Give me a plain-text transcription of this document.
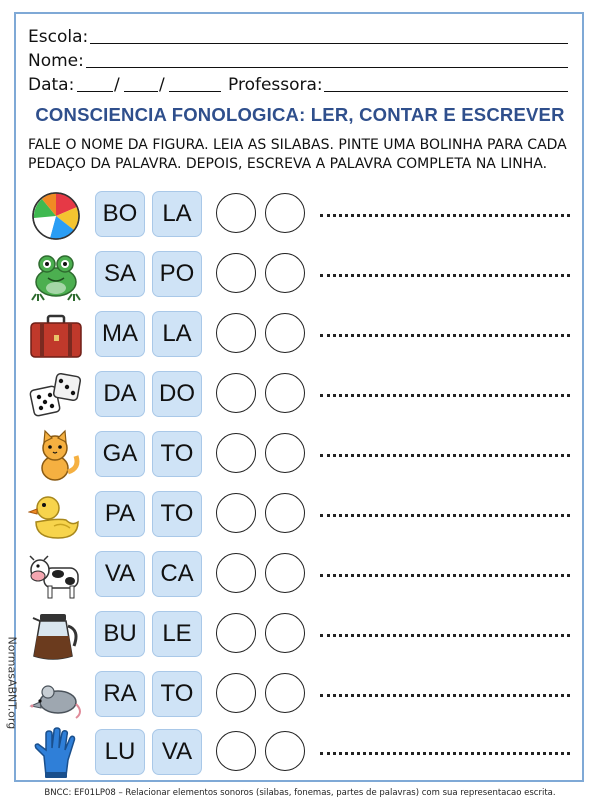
Escola:
Nome:
Data: / /	Professora:
CONSCIENCIA FONOLOGICA: LER, CONTAR E ESCREVER
FALE O NOME DA FIGURA. LEIA AS SILABAS. PINTE UMA BOLINHA PARA CADA PEDAÇO DA PALAVRA. DEPOIS, ESCREVA A PALAVRA COMPLETA NA LINHA.
BO	LA
SA PO
MA	LA
DA DO
GA TO
PA	TO
VA	CA
BU	LE
RA TO
LU	VA
BNCC: EF01LP08 – Relacionar elementos sonoros (silabas, fonemas, partes de palavras) com sua representacao escrita.
NormasABNT.org
